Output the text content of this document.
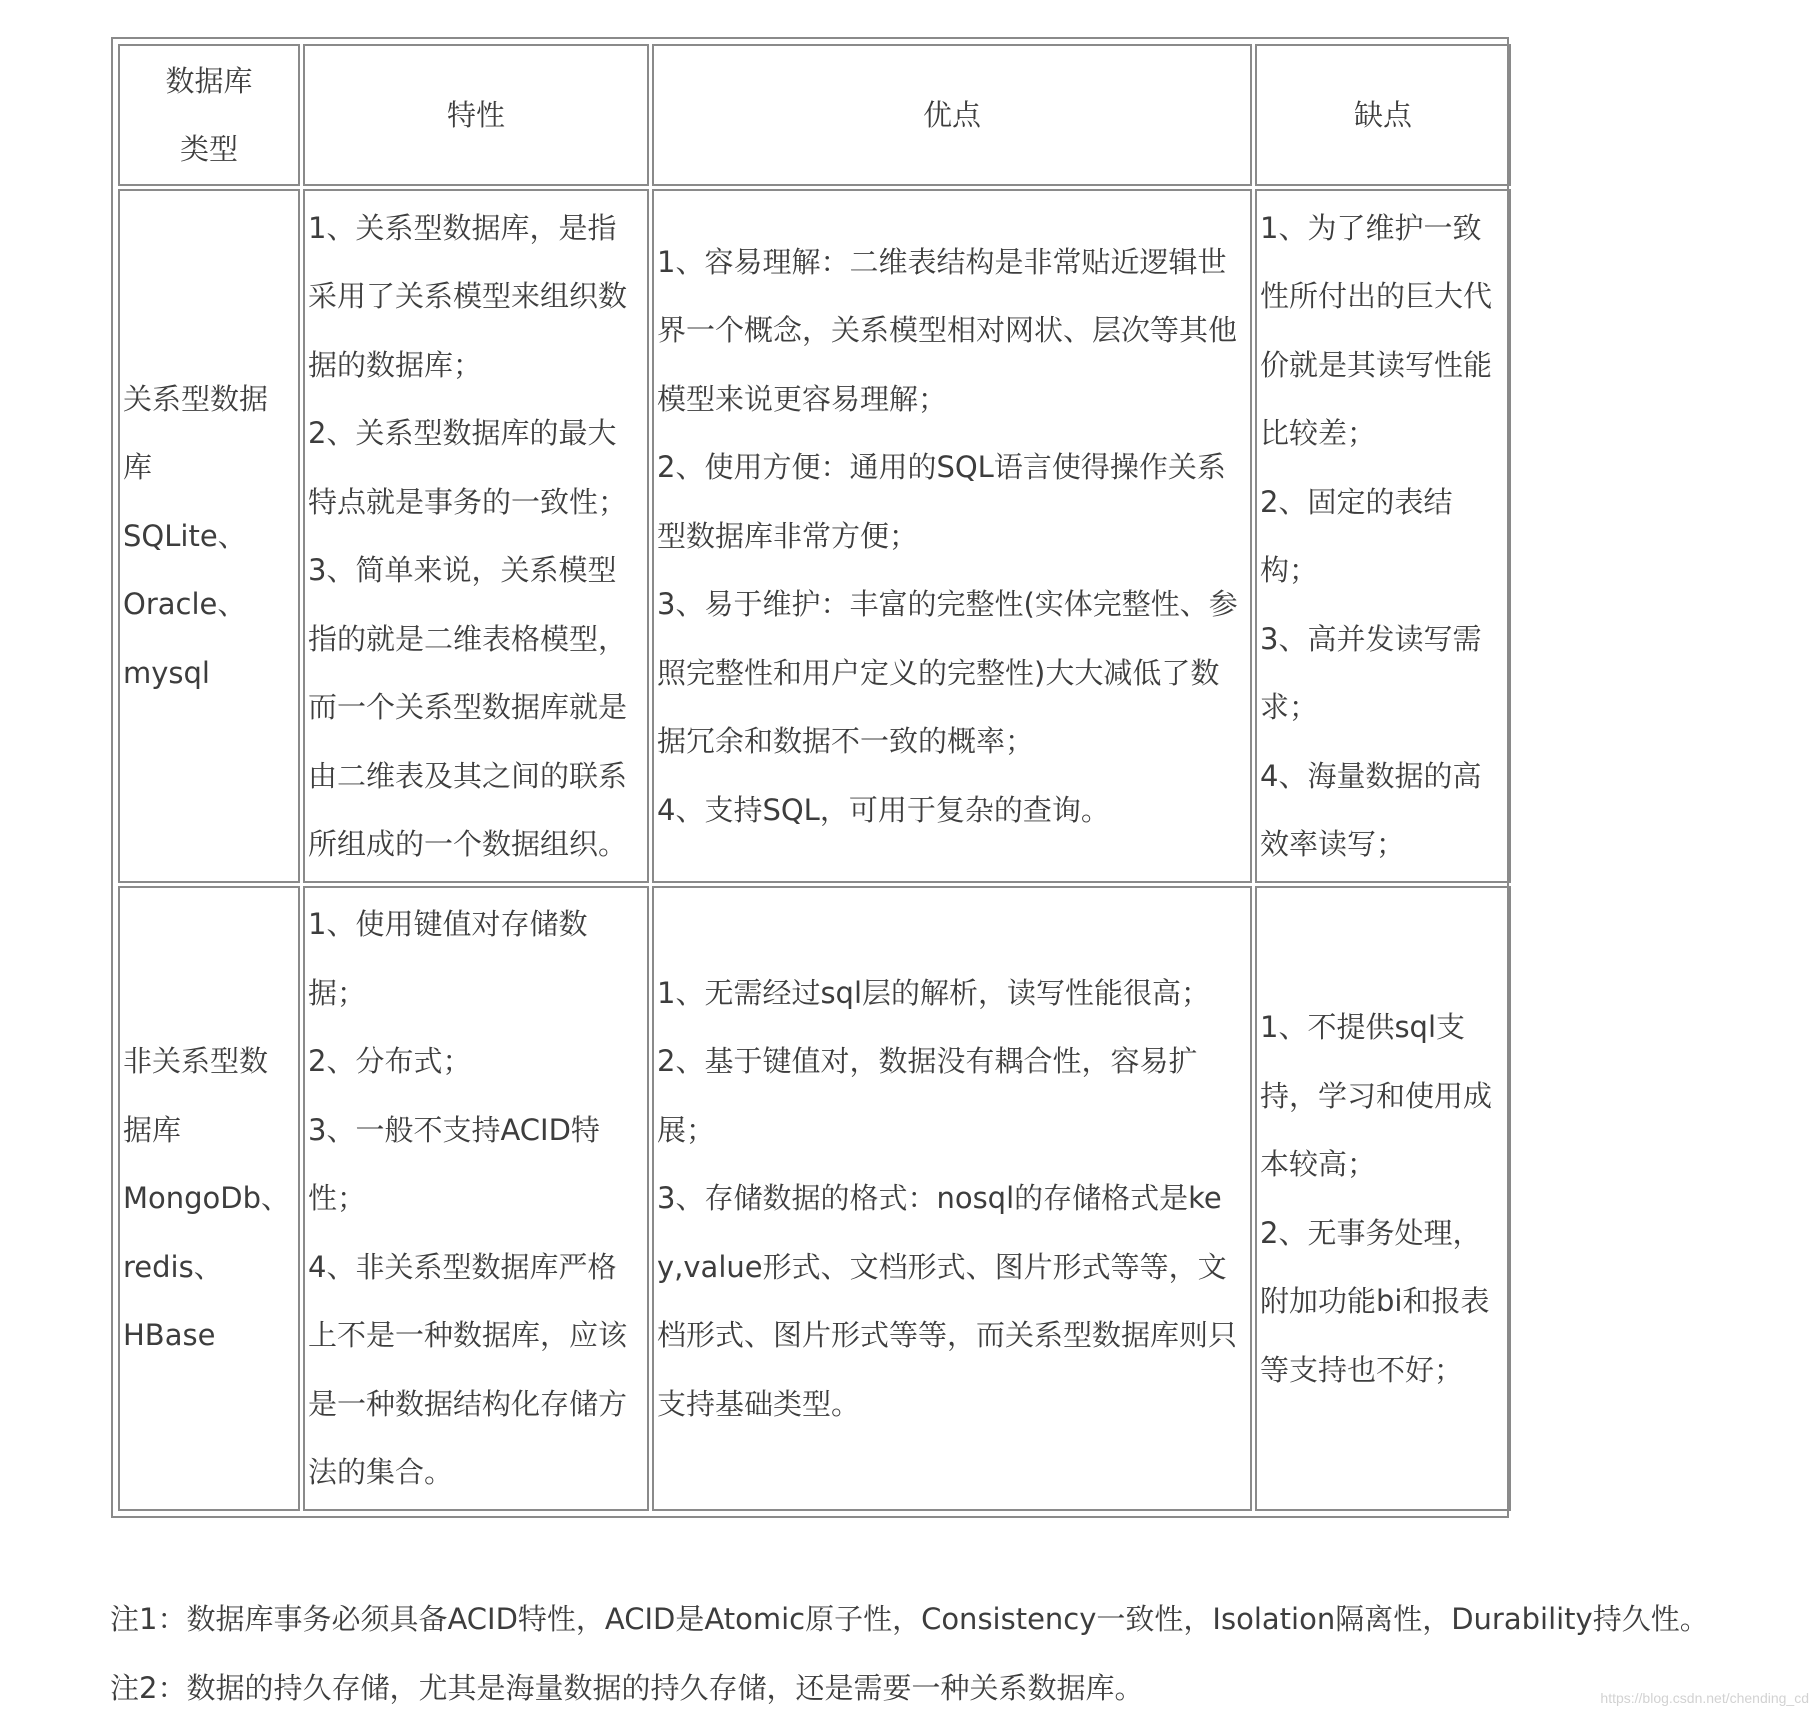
数据库
类型	特性	优点	缺点

关系型数据库
SQLite、
Oracle、
mysql	1、关系型数据库，是指采用了关系模型来组织数据的数据库；
2、关系型数据库的最大特点就是事务的一致性；
3、简单来说，关系模型指的就是二维表格模型，而一个关系型数据库就是由二维表及其之间的联系所组成的一个数据组织。	1、容易理解：二维表结构是非常贴近逻辑世界一个概念，关系模型相对网状、层次等其他模型来说更容易理解；
2、使用方便：通用的SQL语言使得操作关系型数据库非常方便；
3、易于维护：丰富的完整性(实体完整性、参照完整性和用户定义的完整性)大大减低了数据冗余和数据不一致的概率；
4、支持SQL，可用于复杂的查询。	1、为了维护一致性所付出的巨大代价就是其读写性能比较差；
2、固定的表结构；
3、高并发读写需求；
4、海量数据的高效率读写；

非关系型数据库
MongoDb、
redis、
HBase	1、使用键值对存储数据；
2、分布式；
3、一般不支持ACID特性；
4、非关系型数据库严格上不是一种数据库，应该是一种数据结构化存储方法的集合。	1、无需经过sql层的解析，读写性能很高；
2、基于键值对，数据没有耦合性，容易扩展；
3、存储数据的格式：nosql的存储格式是key,value形式、文档形式、图片形式等等，文档形式、图片形式等等，而关系型数据库则只支持基础类型。	1、不提供sql支持，学习和使用成本较高；
2、无事务处理，附加功能bi和报表等支持也不好；
注1：数据库事务必须具备ACID特性，ACID是Atomic原子性，Consistency一致性，Isolation隔离性，Durability持久性。
注2：数据的持久存储，尤其是海量数据的持久存储，还是需要一种关系数据库。	https://blog.csdn.net/chending_cd
